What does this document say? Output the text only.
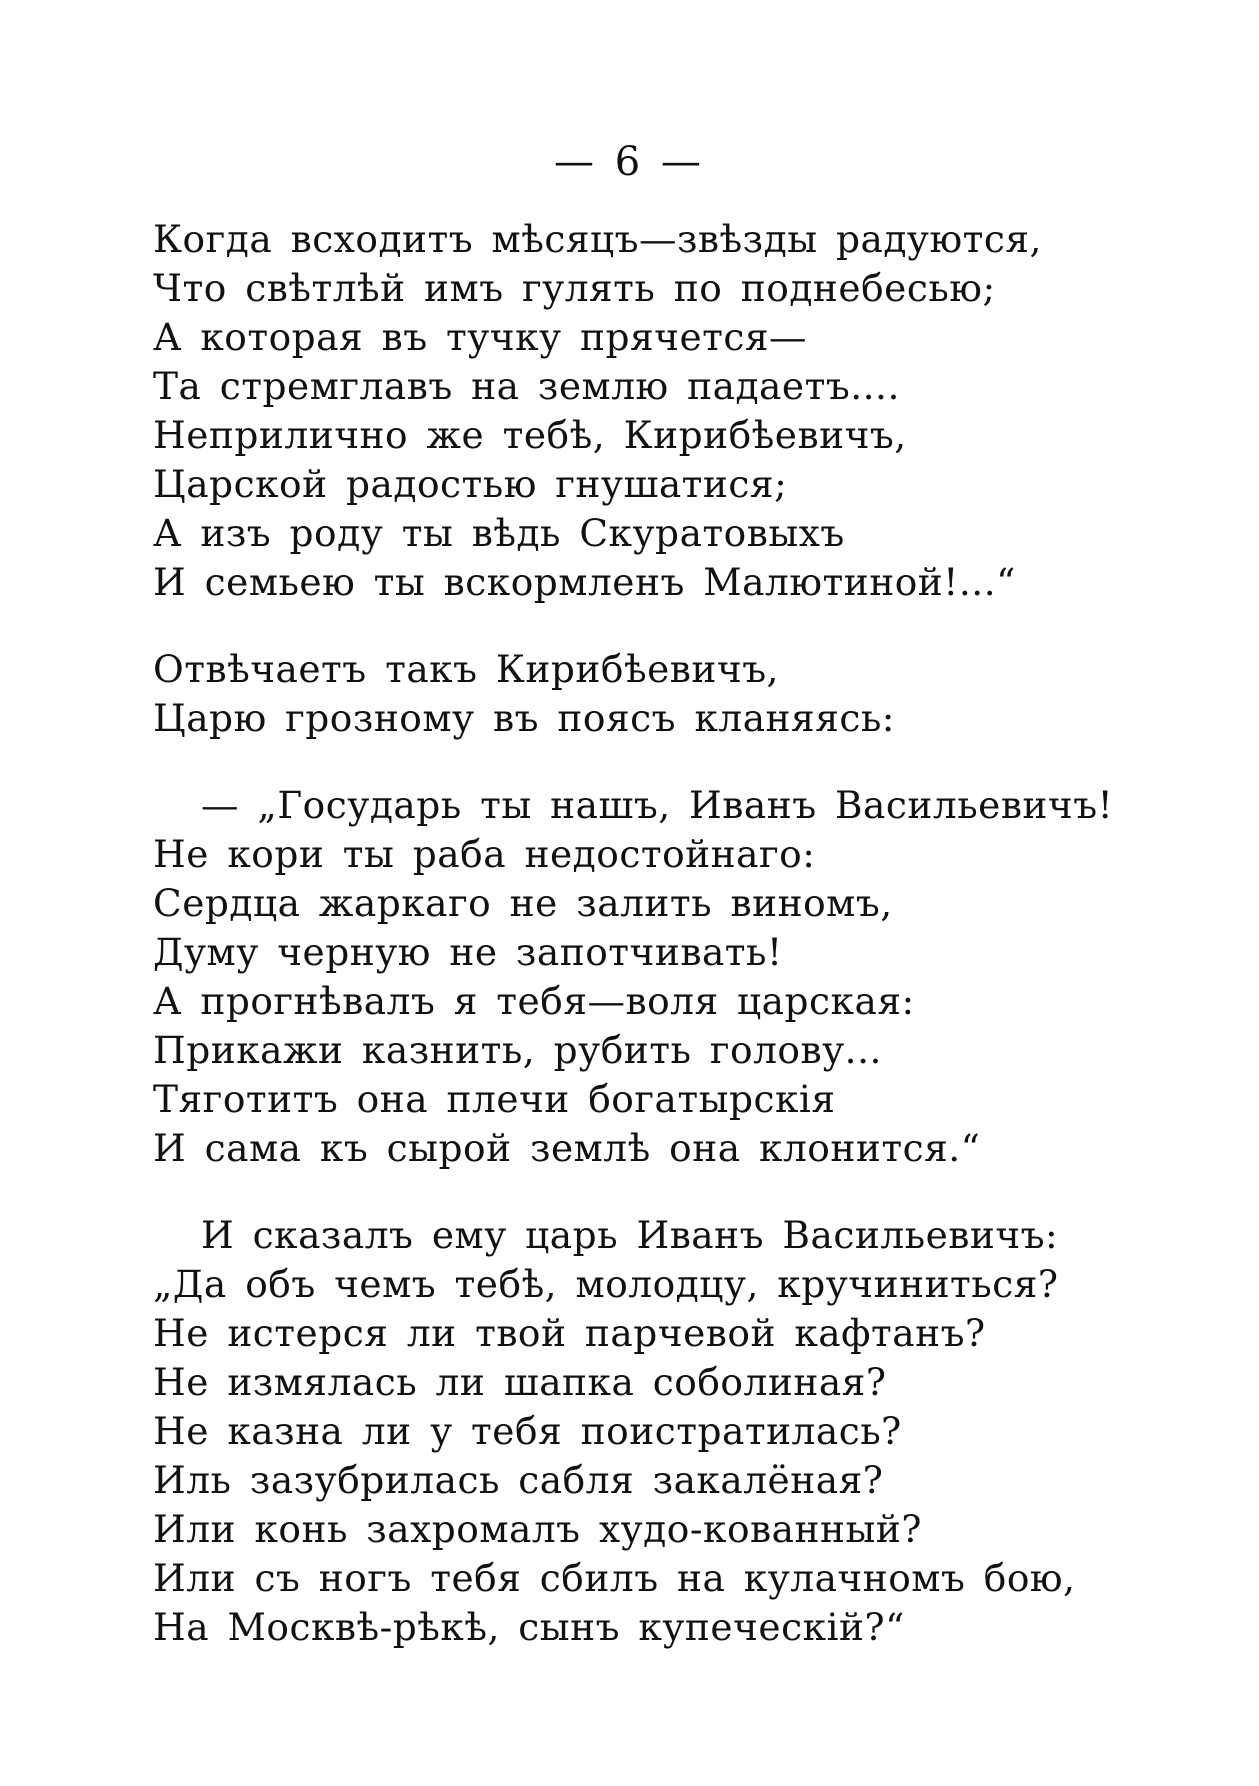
— 6 —
Когда всходитъ мѣсяцъ—звѣзды радуются,
Что свѣтлѣй имъ гулять по поднебесью;
А которая въ тучку прячется—
Та стремглавъ на землю падаетъ....
Неприлично же тебѣ, Кирибѣевичъ,
Царской радостью гнушатися;
А изъ роду ты вѣдь Скуратовыхъ
И семьею ты вскормленъ Малютиной!...“
Отвѣчаетъ такъ Кирибѣевичъ,
Царю грозному въ поясъ кланяясь:
— „Государь ты нашъ, Иванъ Васильевичъ!
Не кори ты раба недостойнаго:
Сердца жаркаго не залить виномъ,
Думу черную не запотчивать!
А прогнѣвалъ я тебя—воля царская:
Прикажи казнить, рубить голову...
Тяготитъ она плечи богатырскія
И сама къ сырой землѣ она клонится.“
И сказалъ ему царь Иванъ Васильевичъ:
„Да объ чемъ тебѣ, молодцу, кручиниться?
Не истерся ли твой парчевой кафтанъ?
Не измялась ли шапка соболиная?
Не казна ли у тебя поистратилась?
Иль зазубрилась сабля закалёная?
Или конь захромалъ худо-кованный?
Или съ ногъ тебя сбилъ на кулачномъ бою,
На Москвѣ-рѣкѣ, сынъ купеческій?“
